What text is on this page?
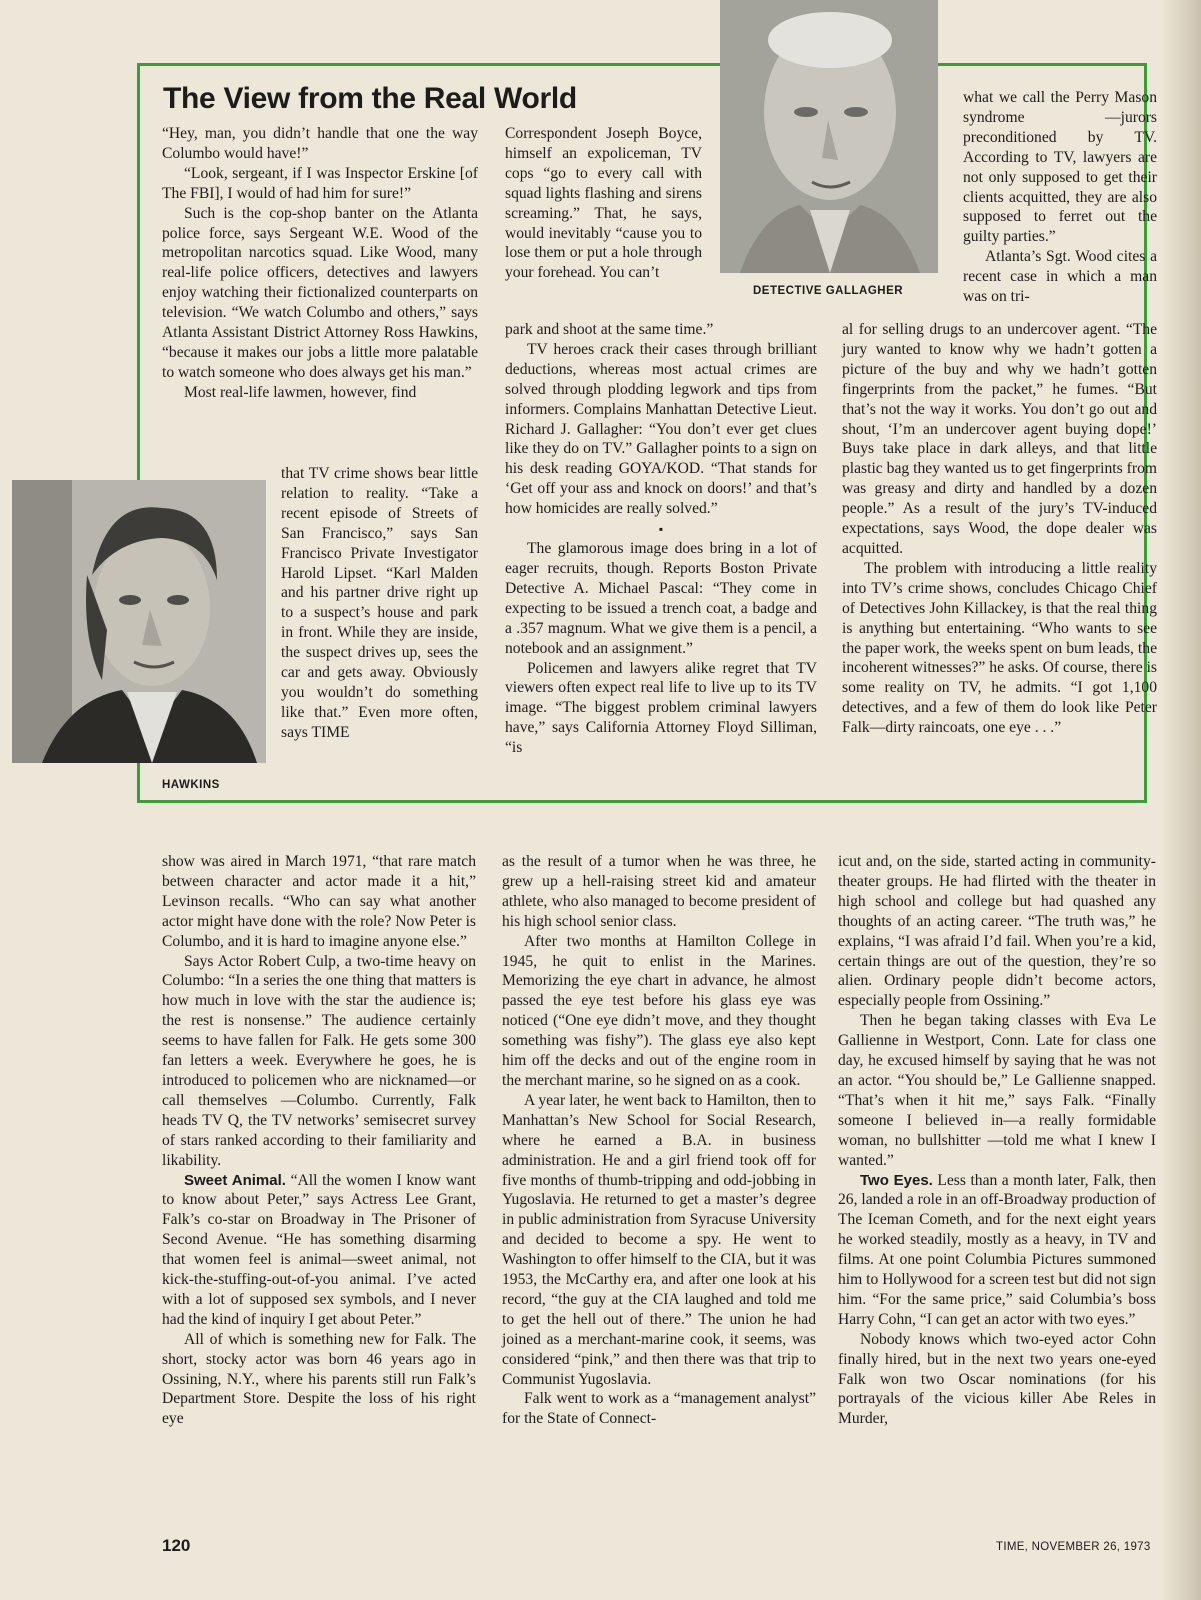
DETECTIVE GALLAGHER
HAWKINS
The View from the Real World

“Hey, man, you didn’t handle that one the way Columbo would have!”

“Look, sergeant, if I was Inspector Erskine [of The FBI], I would of had him for sure!”

Such is the cop-shop banter on the Atlanta police force, says Sergeant W.E. Wood of the metropolitan narcotics squad. Like Wood, many real-life police officers, detectives and lawyers enjoy watching their fictionalized counterparts on television. “We watch Columbo and others,” says Atlanta Assistant District Attorney Ross Hawkins, “because it makes our jobs a little more palatable to watch someone who does always get his man.”

Most real-life lawmen, however, find

that TV crime shows bear little relation to reality. “Take a recent episode of Streets of San Francisco,” says San Francisco Private Investigator Harold Lipset. “Karl Malden and his partner drive right up to a suspect’s house and park in front. While they are inside, the suspect drives up, sees the car and gets away. Obviously you wouldn’t do something like that.” Even more often, says TIME

Correspondent Joseph Boyce, himself an expoliceman, TV cops “go to every call with squad lights flashing and sirens screaming.” That, he says, would inevitably “cause you to lose them or put a hole through your forehead. You can’t

park and shoot at the same time.”

TV heroes crack their cases through brilliant deductions, whereas most actual crimes are solved through plodding legwork and tips from informers. Complains Manhattan Detective Lieut. Richard J. Gallagher: “You don’t ever get clues like they do on TV.” Gallagher points to a sign on his desk reading GOYA/KOD. “That stands for ‘Get off your ass and knock on doors!’ and that’s how homicides are really solved.”

▪

The glamorous image does bring in a lot of eager recruits, though. Reports Boston Private Detective A. Michael Pascal: “They come in expecting to be issued a trench coat, a badge and a .357 magnum. What we give them is a pencil, a notebook and an assignment.”

Policemen and lawyers alike regret that TV viewers often expect real life to live up to its TV image. “The biggest problem criminal lawyers have,” says California Attorney Floyd Silliman, “is

what we call the Perry Mason syndrome —jurors preconditioned by TV. According to TV, lawyers are not only supposed to get their clients acquitted, they are also supposed to ferret out the guilty parties.”

Atlanta’s Sgt. Wood cites a recent case in which a man was on tri-

al for selling drugs to an undercover agent. “The jury wanted to know why we hadn’t gotten a picture of the buy and why we hadn’t gotten fingerprints from the packet,” he fumes. “But that’s not the way it works. You don’t go out and shout, ‘I’m an undercover agent buying dope!’ Buys take place in dark alleys, and that little plastic bag they wanted us to get fingerprints from was greasy and dirty and handled by a dozen people.” As a result of the jury’s TV-induced expectations, says Wood, the dope dealer was acquitted.

The problem with introducing a little reality into TV’s crime shows, concludes Chicago Chief of Detectives John Killackey, is that the real thing is anything but entertaining. “Who wants to see the paper work, the weeks spent on bum leads, the incoherent witnesses?” he asks. Of course, there is some reality on TV, he admits. “I got 1,100 detectives, and a few of them do look like Peter Falk—dirty raincoats, one eye . . .”

show was aired in March 1971, “that rare match between character and actor made it a hit,” Levinson recalls. “Who can say what another actor might have done with the role? Now Peter is Columbo, and it is hard to imagine anyone else.”

Says Actor Robert Culp, a two-time heavy on Columbo: “In a series the one thing that matters is how much in love with the star the audience is; the rest is nonsense.” The audience certainly seems to have fallen for Falk. He gets some 300 fan letters a week. Everywhere he goes, he is introduced to policemen who are nicknamed—or call themselves —Columbo. Currently, Falk heads TV Q, the TV networks’ semisecret survey of stars ranked according to their familiarity and likability.

Sweet Animal. “All the women I know want to know about Peter,” says Actress Lee Grant, Falk’s co-star on Broadway in The Prisoner of Second Avenue. “He has something disarming that women feel is animal—sweet animal, not kick-the-stuffing-out-of-you animal. I’ve acted with a lot of supposed sex symbols, and I never had the kind of inquiry I get about Peter.”

All of which is something new for Falk. The short, stocky actor was born 46 years ago in Ossining, N.Y., where his parents still run Falk’s Department Store. Despite the loss of his right eye

as the result of a tumor when he was three, he grew up a hell-raising street kid and amateur athlete, who also managed to become president of his high school senior class.

After two months at Hamilton College in 1945, he quit to enlist in the Marines. Memorizing the eye chart in advance, he almost passed the eye test before his glass eye was noticed (“One eye didn’t move, and they thought something was fishy”). The glass eye also kept him off the decks and out of the engine room in the merchant marine, so he signed on as a cook.

A year later, he went back to Hamilton, then to Manhattan’s New School for Social Research, where he earned a B.A. in business administration. He and a girl friend took off for five months of thumb-tripping and odd-jobbing in Yugoslavia. He returned to get a master’s degree in public administration from Syracuse University and decided to become a spy. He went to Washington to offer himself to the CIA, but it was 1953, the McCarthy era, and after one look at his record, “the guy at the CIA laughed and told me to get the hell out of there.” The union he had joined as a merchant-marine cook, it seems, was considered “pink,” and then there was that trip to Communist Yugoslavia.

Falk went to work as a “management analyst” for the State of Connect-

icut and, on the side, started acting in community-theater groups. He had flirted with the theater in high school and college but had quashed any thoughts of an acting career. “The truth was,” he explains, “I was afraid I’d fail. When you’re a kid, certain things are out of the question, they’re so alien. Ordinary people didn’t become actors, especially people from Ossining.”

Then he began taking classes with Eva Le Gallienne in Westport, Conn. Late for class one day, he excused himself by saying that he was not an actor. “You should be,” Le Gallienne snapped. “That’s when it hit me,” says Falk. “Finally someone I believed in—a really formidable woman, no bullshitter —told me what I knew I wanted.”

Two Eyes. Less than a month later, Falk, then 26, landed a role in an off-Broadway production of The Iceman Cometh, and for the next eight years he worked steadily, mostly as a heavy, in TV and films. At one point Columbia Pictures summoned him to Hollywood for a screen test but did not sign him. “For the same price,” said Columbia’s boss Harry Cohn, “I can get an actor with two eyes.”

Nobody knows which two-eyed actor Cohn finally hired, but in the next two years one-eyed Falk won two Oscar nominations (for his portrayals of the vicious killer Abe Reles in Murder,

120	TIME, NOVEMBER 26, 1973
